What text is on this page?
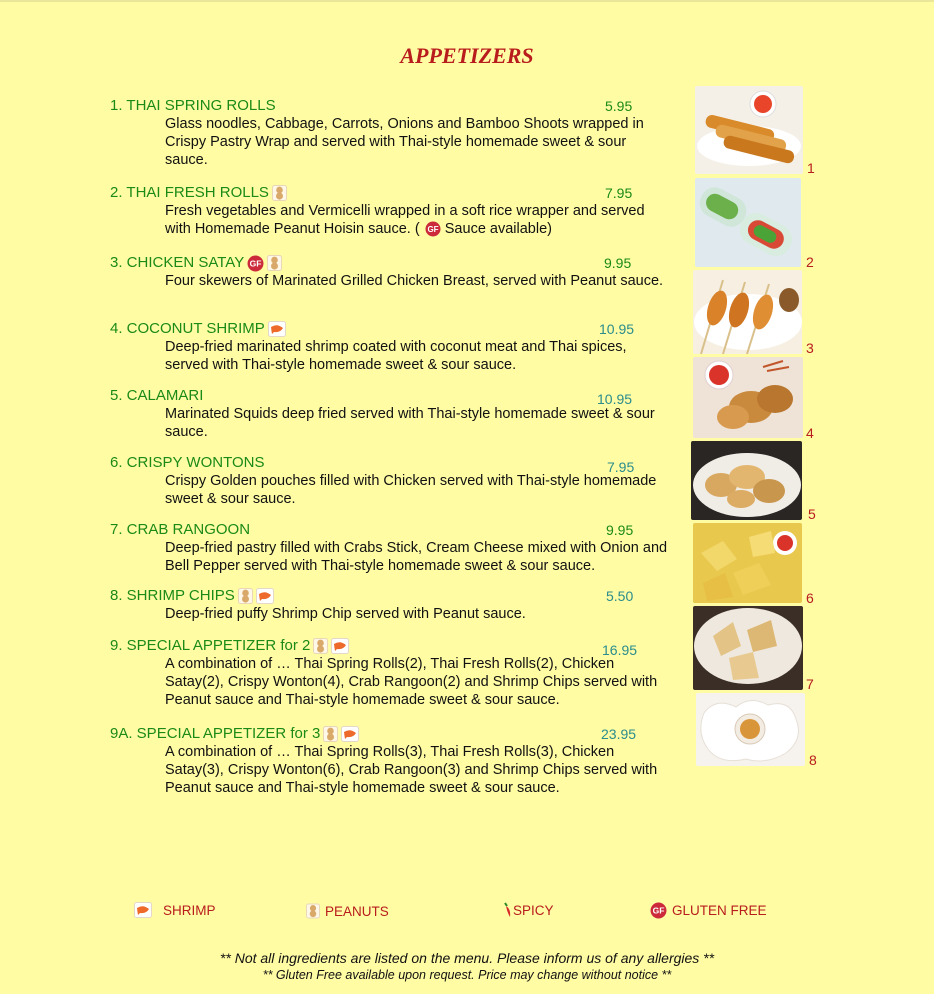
APPETIZERS
1. THAI SPRING ROLLS	5.95
Glass noodles, Cabbage, Carrots, Onions and Bamboo Shoots wrapped in Crispy Pastry Wrap and served with Thai-style homemade sweet & sour sauce.
2. THAI FRESH ROLLS	7.95
Fresh vegetables and Vermicelli wrapped in a soft rice wrapper and served with Homemade Peanut Hoisin sauce. ( GF Sauce available)
3. CHICKEN SATAY GF	9.95
Four skewers of Marinated Grilled Chicken Breast, served with Peanut sauce.
4. COCONUT SHRIMP	10.95
Deep-fried marinated shrimp coated with coconut meat and Thai spices, served with Thai-style homemade sweet & sour sauce.
5. CALAMARI	10.95
Marinated Squids deep fried served with Thai-style homemade sweet & sour sauce.
6. CRISPY WONTONS	7.95
Crispy Golden pouches filled with Chicken served with Thai-style homemade sweet & sour sauce.
7. CRAB RANGOON	9.95
Deep-fried pastry filled with Crabs Stick, Cream Cheese mixed with Onion and Bell Pepper served with Thai-style homemade sweet & sour sauce.
8. SHRIMP CHIPS	5.50
Deep-fried puffy Shrimp Chip served with Peanut sauce.
9. SPECIAL APPETIZER for 2	16.95
A combination of … Thai Spring Rolls(2), Thai Fresh Rolls(2), Chicken Satay(2), Crispy Wonton(4), Crab Rangoon(2) and Shrimp Chips served with Peanut sauce and Thai-style homemade sweet & sour sauce.
9A. SPECIAL APPETIZER for 3	23.95
A combination of … Thai Spring Rolls(3), Thai Fresh Rolls(3), Chicken Satay(3), Crispy Wonton(6), Crab Rangoon(3) and Shrimp Chips served with Peanut sauce and Thai-style homemade sweet & sour sauce.
1
2
3
4
5
6
7
8
SHRIMP	PEANUTS	SPICY	GF GLUTEN FREE
** Not all ingredients are listed on the menu. Please inform us of any allergies **
** Gluten Free available upon request. Price may change without notice **
